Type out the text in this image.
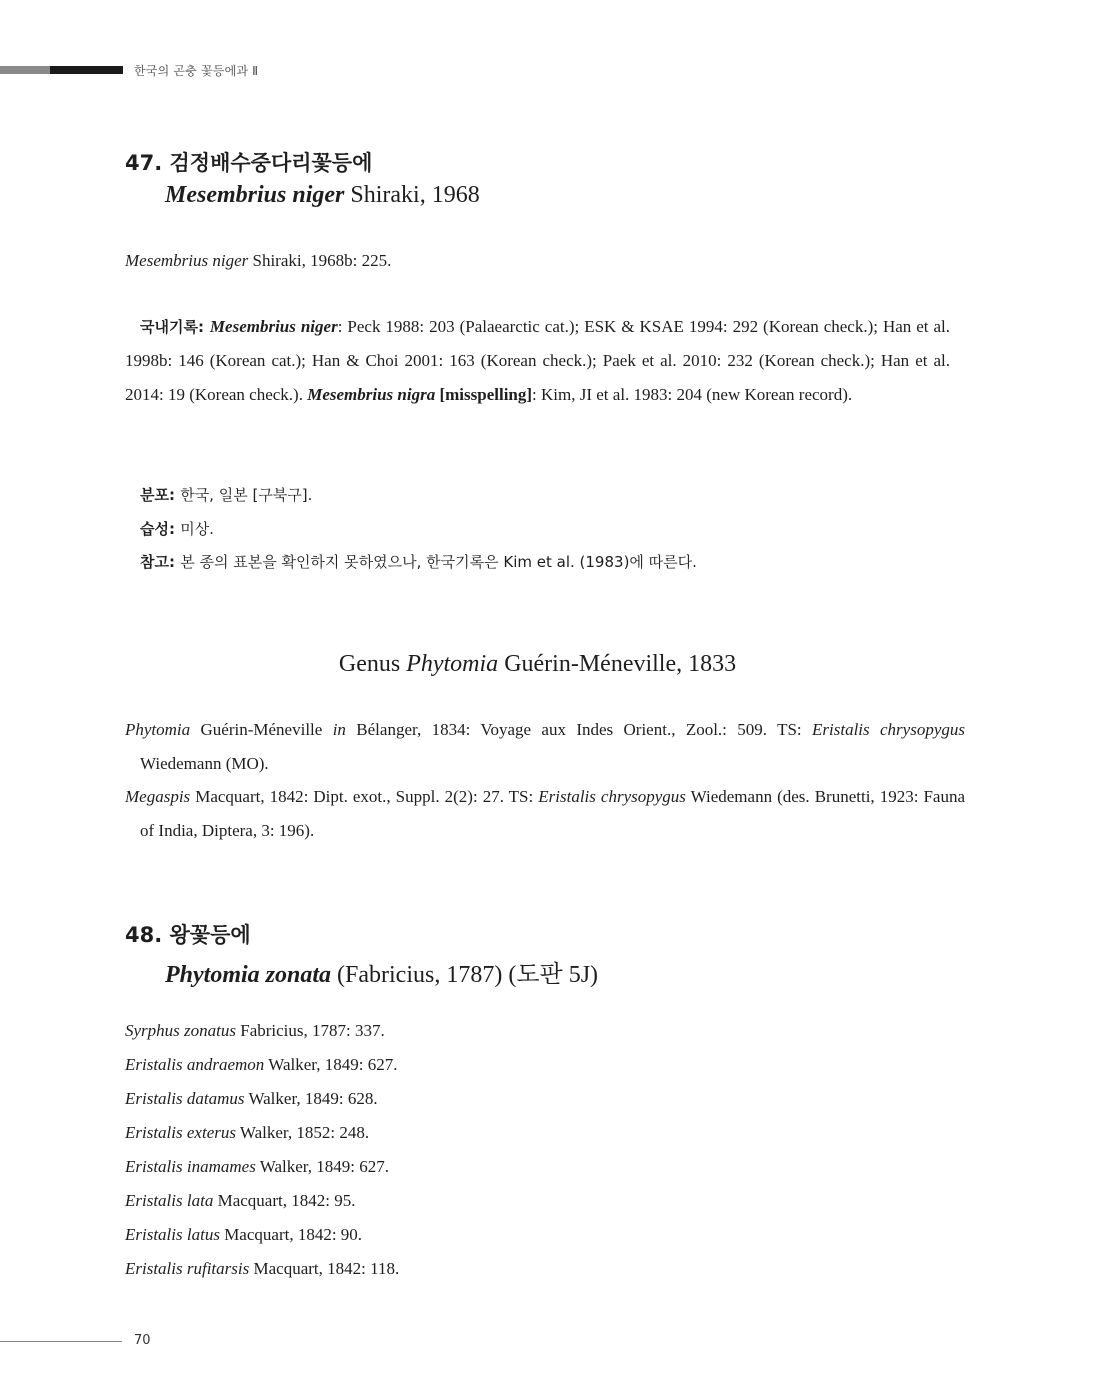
한국의 곤충 꽃등에과 Ⅱ
47. 검정배수중다리꽃등에
Mesembrius niger Shiraki, 1968
Mesembrius niger Shiraki, 1968b: 225.
국내기록: Mesembrius niger: Peck 1988: 203 (Palaearctic cat.); ESK & KSAE 1994: 292 (Korean check.); Han et al. 1998b: 146 (Korean cat.); Han & Choi 2001: 163 (Korean check.); Paek et al. 2010: 232 (Korean check.); Han et al. 2014: 19 (Korean check.). Mesembrius nigra [misspelling]: Kim, JI et al. 1983: 204 (new Korean record).
분포: 한국, 일본 [구북구].
습성: 미상.
참고: 본 종의 표본을 확인하지 못하였으나, 한국기록은 Kim et al. (1983)에 따른다.
Genus Phytomia Guérin-Méneville, 1833
Phytomia Guérin-Méneville in Bélanger, 1834: Voyage aux Indes Orient., Zool.: 509. TS: Eristalis chrysopygus Wiedemann (MO).
Megaspis Macquart, 1842: Dipt. exot., Suppl. 2(2): 27. TS: Eristalis chrysopygus Wiedemann (des. Brunetti, 1923: Fauna of India, Diptera, 3: 196).
48. 왕꽃등에
Phytomia zonata (Fabricius, 1787) (도판 5J)
Syrphus zonatus Fabricius, 1787: 337.
Eristalis andraemon Walker, 1849: 627.
Eristalis datamus Walker, 1849: 628.
Eristalis exterus Walker, 1852: 248.
Eristalis inamames Walker, 1849: 627.
Eristalis lata Macquart, 1842: 95.
Eristalis latus Macquart, 1842: 90.
Eristalis rufitarsis Macquart, 1842: 118.
70
